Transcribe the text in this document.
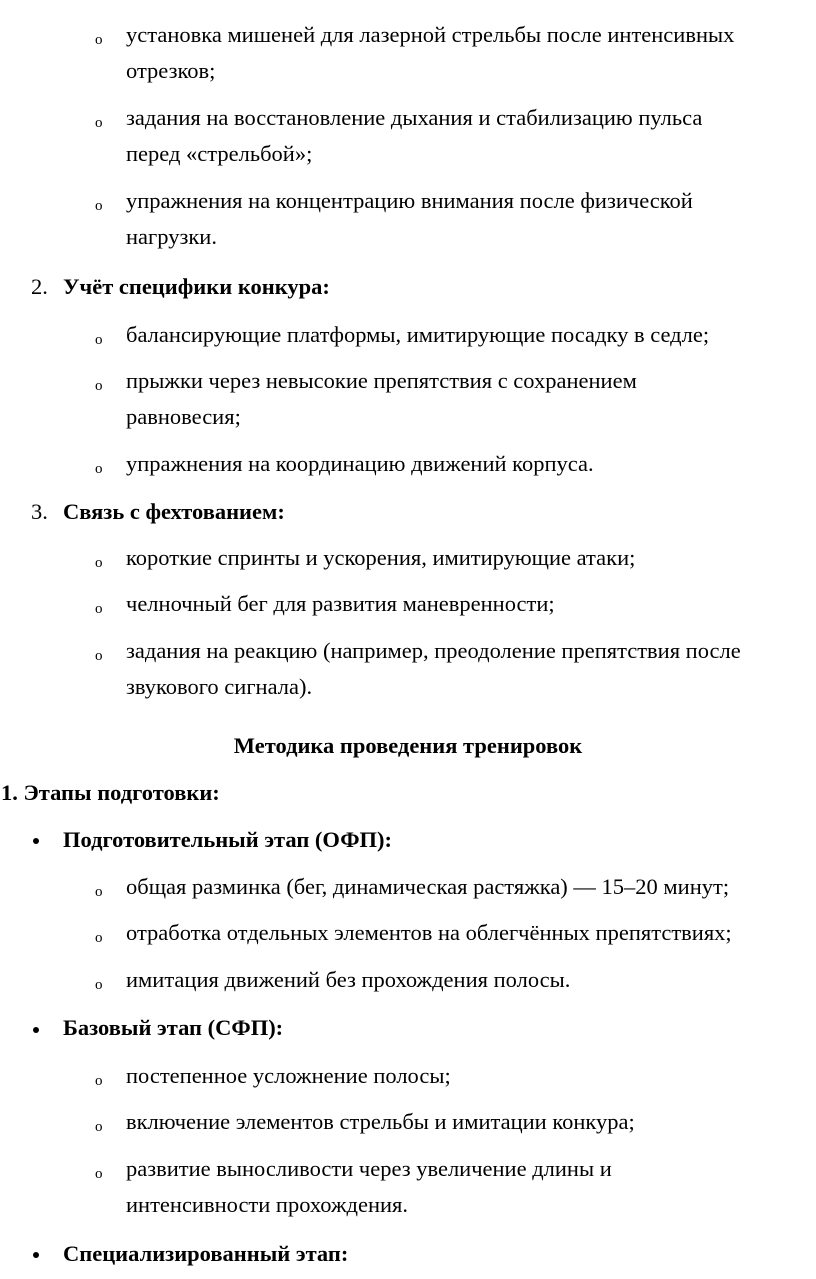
o установка мишеней для лазерной стрельбы после интенсивных
отрезков;
o задания на восстановление дыхания и стабилизацию пульса
перед «стрельбой»;
o упражнения на концентрацию внимания после физической
нагрузки.
2. Учёт специфики конкура:
o балансирующие платформы, имитирующие посадку в седле;
o прыжки через невысокие препятствия с сохранением
равновесия;
o упражнения на координацию движений корпуса.
3. Связь с фехтованием:
o короткие спринты и ускорения, имитирующие атаки;
o челночный бег для развития маневренности;
o задания на реакцию (например, преодоление препятствия после
звукового сигнала).
Методика проведения тренировок
1. Этапы подготовки:
Подготовительный этап (ОФП):
o общая разминка (бег, динамическая растяжка) — 15–20 минут;
o отработка отдельных элементов на облегчённых препятствиях;
o имитация движений без прохождения полосы.
Базовый этап (СФП):
o постепенное усложнение полосы;
o включение элементов стрельбы и имитации конкура;
o развитие выносливости через увеличение длины и
интенсивности прохождения.
Специализированный этап:
